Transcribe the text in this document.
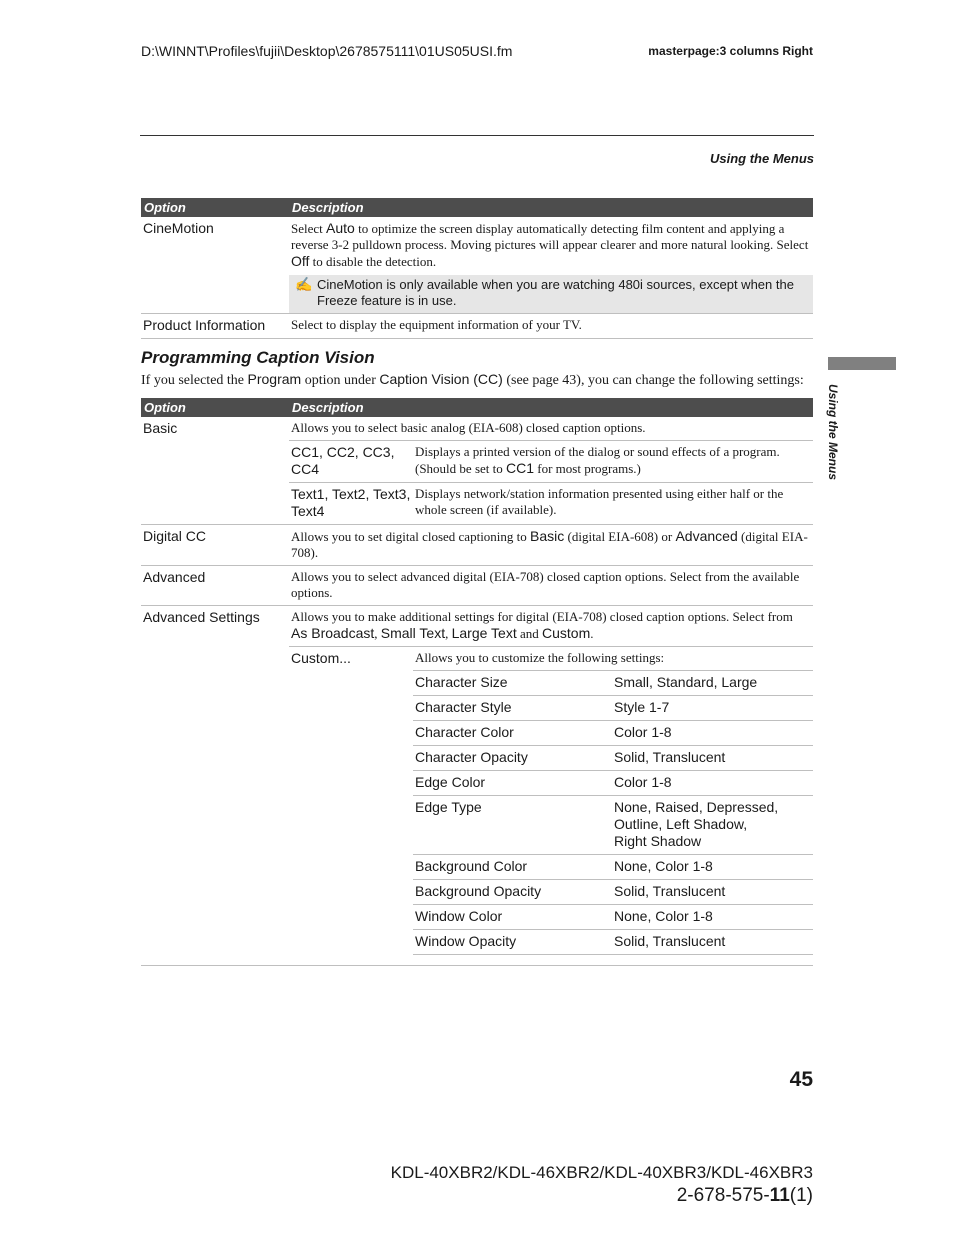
D:\WINNT\Profiles\fujii\Desktop\2678575111\01US05USI.fm	masterpage:3 columns Right
Using the Menus
Option	Description
CineMotion	Select Auto to optimize the screen display automatically detecting film content and applying a reverse 3-2 pulldown process. Moving pictures will appear clearer and more natural looking. Select Off to disable the detection.

	✍ CineMotion is only available when you are watching 480i sources, except when the Freeze feature is in use.
Product Information	Select to display the equipment information of your TV.
Programming Caption Vision
If you selected the Program option under Caption Vision (CC) (see page 43), you can change the following settings:
Option	Description		
Basic	Allows you to select basic analog (EIA-608) closed caption options.		
	CC1, CC2, CC3, CC4	Displays a printed version of the dialog or sound effects of a program. (Should be set to CC1 for most programs.)	
	Text1, Text2, Text3, Text4	Displays network/station information presented using either half or the whole screen (if available).	
Digital CC	Allows you to set digital closed captioning to Basic (digital EIA-608) or Advanced (digital EIA-708).		
Advanced	Allows you to select advanced digital (EIA-708) closed caption options. Select from the available options.		
Advanced Settings	Allows you to make additional settings for digital (EIA-708) closed caption options. Select from As Broadcast, Small Text, Large Text and Custom.		
	Custom...	Allows you to customize the following settings:	
		Character Size	Small, Standard, Large
		Character Style	Style 1-7
		Character Color	Color 1-8
		Character Opacity	Solid, Translucent
		Edge Color	Color 1-8
		Edge Type	None, Raised, Depressed, Outline, Left Shadow, Right Shadow
		Background Color	None, Color 1-8
		Background Opacity	Solid, Translucent
		Window Color	None, Color 1-8
		Window Opacity	Solid, Translucent

Using the Menus
45
KDL-40XBR2/KDL-46XBR2/KDL-40XBR3/KDL-46XBR3
2-678-575-11(1)
